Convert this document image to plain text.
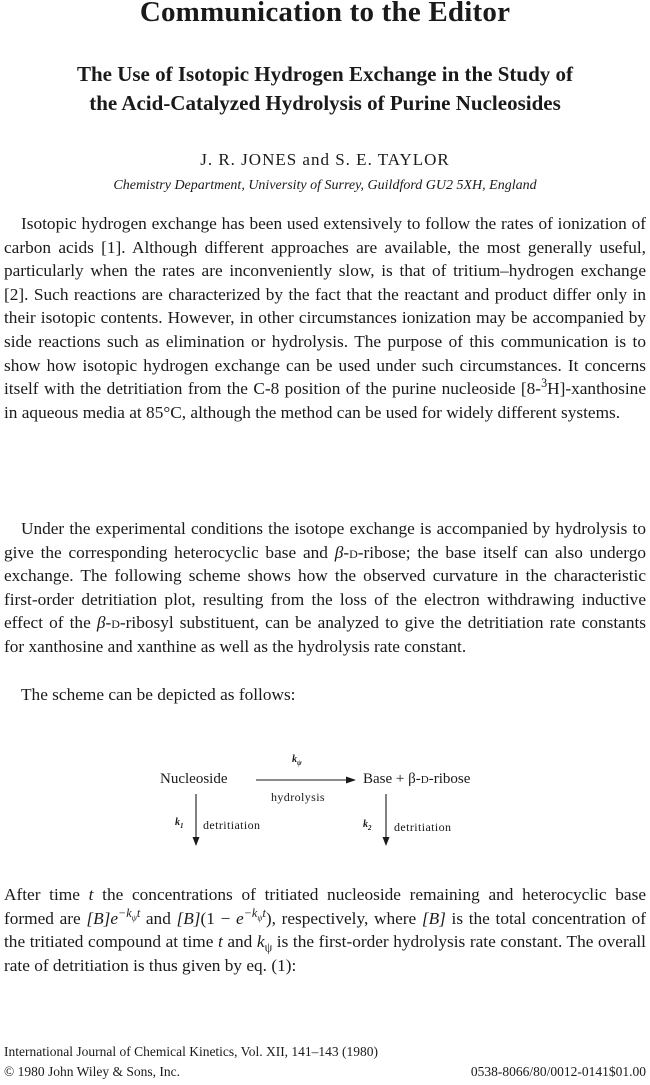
Communication to the Editor
The Use of Isotopic Hydrogen Exchange in the Study of
the Acid-Catalyzed Hydrolysis of Purine Nucleosides
J. R. JONES and S. E. TAYLOR
Chemistry Department, University of Surrey, Guildford GU2 5XH, England

Isotopic hydrogen exchange has been used extensively to follow the rates of ionization of carbon acids [1]. Although different approaches are available, the most generally useful, particularly when the rates are inconveniently slow, is that of tritium–hydrogen exchange [2]. Such reactions are characterized by the fact that the reactant and product differ only in their isotopic contents. However, in other circumstances ionization may be accompanied by side reactions such as elimination or hydrolysis. The purpose of this communication is to show how isotopic hydrogen exchange can be used under such circumstances. It concerns itself with the detritiation from the C-8 position of the purine nucleoside [8-$^3$H]-xanthosine in aqueous media at 85°C, although the method can be used for widely different systems.

Under the experimental conditions the isotope exchange is accompanied by hydrolysis to give the corresponding heterocyclic base and β-d-ribose; the base itself can also undergo exchange. The following scheme shows how the observed curvature in the characteristic first-order detritiation plot, resulting from the loss of the electron withdrawing inductive effect of the β-d-ribosyl substituent, can be analyzed to give the detritiation rate constants for xanthosine and xanthine as well as the hydrolysis rate constant.

The scheme can be depicted as follows:

$k_\psi$
Nucleoside	Base + β-d-ribose
hydrolysis
$k_1$ detritiation	$k_2$ detritiation

After time t the concentrations of tritiated nucleoside remaining and heterocyclic base formed are $[B]e^{-k_\psi t}$ and $[B](1 - e^{-k_\psi t})$, respectively, where [B] is the total concentration of the tritiated compound at time t and $k_\psi$ is the first-order hydrolysis rate constant. The overall rate of detritiation is thus given by eq. (1):

International Journal of Chemical Kinetics, Vol. XII, 141–143 (1980)
© 1980 John Wiley & Sons, Inc.	0538-8066/80/0012-0141$01.00
